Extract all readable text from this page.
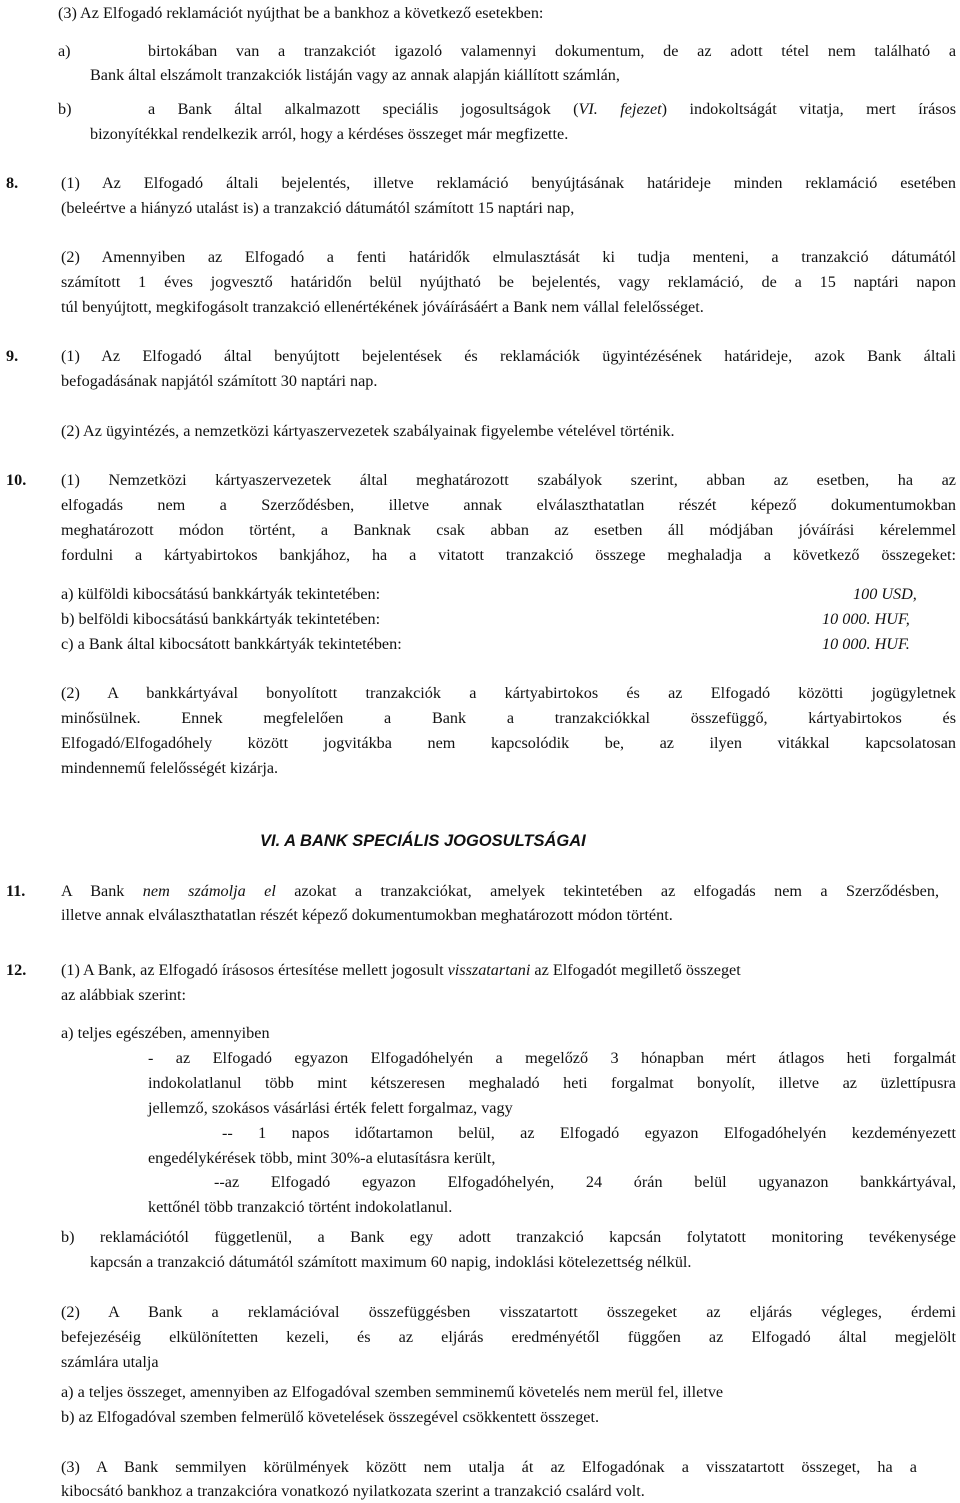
(3) Az Elfogadó reklamációt nyújthat be a bankhoz a következő esetekben:
a)	birtokában van a tranzakciót igazoló valamennyi dokumentum, de az adott tétel nem található a
Bank által elszámolt tranzakciók listáján vagy az annak alapján kiállított számlán,
b)	a Bank által alkalmazott speciális jogosultságok (VI. fejezet) indokoltságát vitatja, mert írásos
bizonyítékkal rendelkezik arról, hogy a kérdéses összeget már megfizette.
8.	(1) Az Elfogadó általi bejelentés, illetve reklamáció benyújtásának határideje minden reklamáció esetében
(beleértve a hiányzó utalást is) a tranzakció dátumától számított 15 naptári nap,
(2) Amennyiben az Elfogadó a fenti határidők elmulasztását ki tudja menteni, a tranzakció dátumától
számított 1 éves jogvesztő határidőn belül nyújtható be bejelentés, vagy reklamáció, de a 15 naptári napon
túl benyújtott, megkifogásolt tranzakció ellenértékének jóváírásáért a Bank nem vállal felelősséget.
9.	(1) Az Elfogadó által benyújtott bejelentések és reklamációk ügyintézésének határideje, azok Bank általi
befogadásának napjától számított 30 naptári nap.
(2) Az ügyintézés, a nemzetközi kártyaszervezetek szabályainak figyelembe vételével történik.
10. (1) Nemzetközi kártyaszervezetek által meghatározott szabályok szerint, abban az esetben, ha az
elfogadás nem a Szerződésben, illetve annak elválaszthatatlan részét képező dokumentumokban
meghatározott módon történt, a Banknak csak abban az esetben áll módjában jóváírási kérelemmel
fordulni a kártyabirtokos bankjához, ha a vitatott tranzakció összege meghaladja a következő összegeket:
a) külföldi kibocsátású bankkártyák tekintetében:	100 USD,
b) belföldi kibocsátású bankkártyák tekintetében:	10 000. HUF,
c) a Bank által kibocsátott bankkártyák tekintetében:	10 000. HUF.
(2) A bankkártyával bonyolított tranzakciók a kártyabirtokos és az Elfogadó közötti jogügyletnek
minősülnek. Ennek megfelelően a Bank a tranzakciókkal összefüggő, kártyabirtokos és
Elfogadó/Elfogadóhely között jogvitákba nem kapcsolódik be, az ilyen vitákkal kapcsolatosan
mindennemű felelősségét kizárja.
VI. A BANK SPECIÁLIS JOGOSULTSÁGAI
11. A Bank nem számolja el azokat a tranzakciókat, amelyek tekintetében az elfogadás nem a Szerződésben,
illetve annak elválaszthatatlan részét képező dokumentumokban meghatározott módon történt.
12. (1) A Bank, az Elfogadó írásosos értesítése mellett jogosult visszatartani az Elfogadót megillető összeget
az alábbiak szerint:
a) teljes egészében, amennyiben
- az Elfogadó egyazon Elfogadóhelyén a megelőző 3 hónapban mért átlagos heti forgalmát
indokolatlanul több mint kétszeresen meghaladó heti forgalmat bonyolít, illetve az üzlettípusra
jellemző, szokásos vásárlási érték felett forgalmaz, vagy
-- 1 napos időtartamon belül, az Elfogadó egyazon Elfogadóhelyén kezdeményezett
engedélykérések több, mint 30%-a elutasításra került,
--az Elfogadó egyazon Elfogadóhelyén, 24 órán belül ugyanazon bankkártyával,
kettőnél több tranzakció történt indokolatlanul.
b) reklamációtól függetlenül, a Bank egy adott tranzakció kapcsán folytatott monitoring tevékenysége
kapcsán a tranzakció dátumától számított maximum 60 napig, indoklási kötelezettség nélkül.
(2) A Bank a reklamációval összefüggésben visszatartott összegeket az eljárás végleges, érdemi
befejezéséig elkülönítetten kezeli, és az eljárás eredményétől függően az Elfogadó által megjelölt
számlára utalja
a) a teljes összeget, amennyiben az Elfogadóval szemben semminemű követelés nem merül fel, illetve
b) az Elfogadóval szemben felmerülő követelések összegével csökkentett összeget.
(3) A Bank semmilyen körülmények között nem utalja át az Elfogadónak a visszatartott összeget, ha a
kibocsátó bankhoz a tranzakcióra vonatkozó nyilatkozata szerint a tranzakció csalárd volt.
